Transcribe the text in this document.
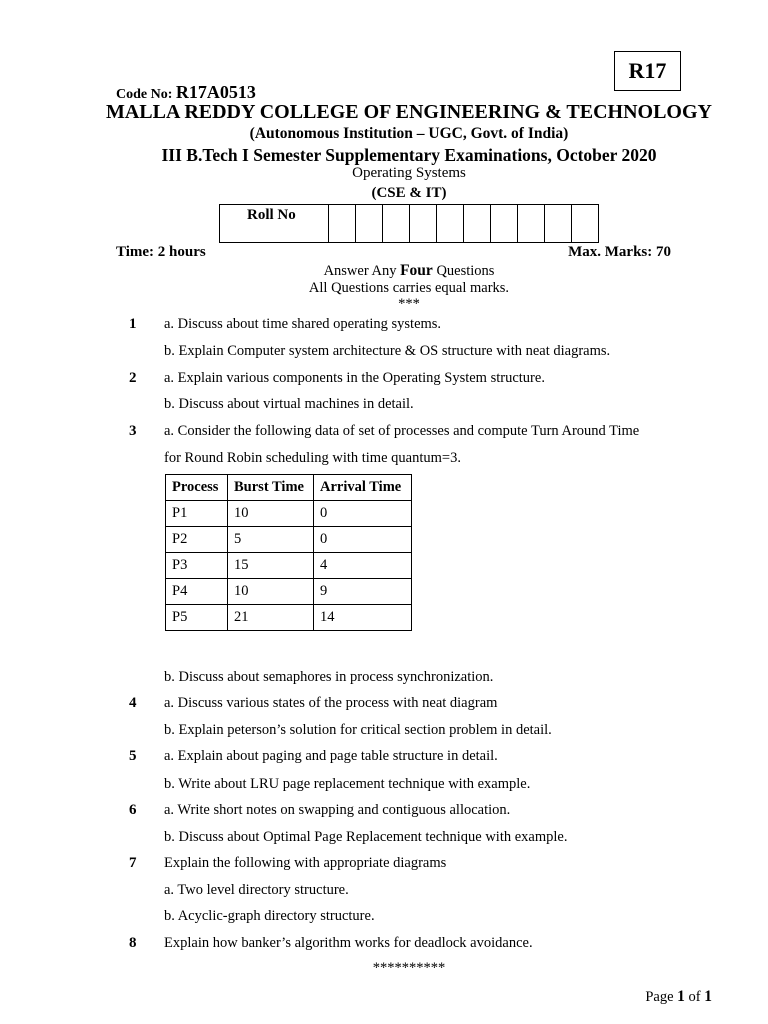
R17
Code No: R17A0513
MALLA REDDY COLLEGE OF ENGINEERING & TECHNOLOGY
(Autonomous Institution – UGC, Govt. of India)
III B.Tech I Semester Supplementary Examinations, October 2020
Operating Systems
(CSE & IT)
Roll No										
Time: 2 hours	Max. Marks: 70
Answer Any Four Questions
All Questions carries equal marks.
***
1 a. Discuss about time shared operating systems.
b. Explain Computer system architecture & OS structure with neat diagrams.
2 a. Explain various components in the Operating System structure.
b. Discuss about virtual machines in detail.
3 a. Consider the following data of set of processes and compute Turn Around Time
for Round Robin scheduling with time quantum=3.
Process	Burst Time	Arrival Time
P1	10	0
P2	5	0
P3	15	4
P4	10	9
P5	21	14
b. Discuss about semaphores in process synchronization.
4 a. Discuss various states of the process with neat diagram
b. Explain peterson’s solution for critical section problem in detail.
5 a. Explain about paging and page table structure in detail.
b. Write about LRU page replacement technique with example.
6 a. Write short notes on swapping and contiguous allocation.
b. Discuss about Optimal Page Replacement technique with example.
7 Explain the following with appropriate diagrams
a. Two level directory structure.
b. Acyclic-graph directory structure.
8 Explain how banker’s algorithm works for deadlock avoidance.
**********
Page 1 of 1
